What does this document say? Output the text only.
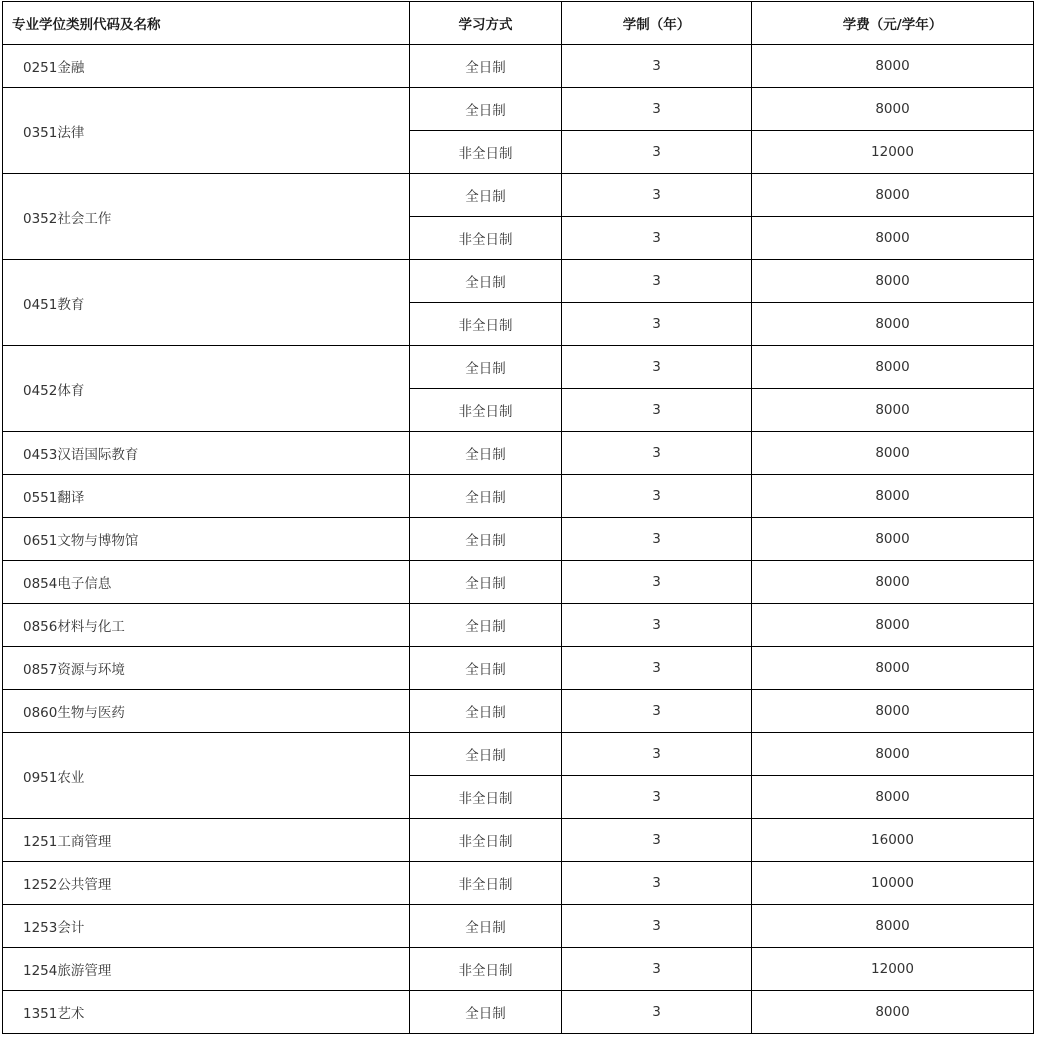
专业学位类别代码及名称	学习方式	学制（年）	学费（元/学年）
0251金融	全日制	3	8000
0351法律	全日制	3	8000
	非全日制	3	12000
0352社会工作	全日制	3	8000
	非全日制	3	8000
0451教育	全日制	3	8000
	非全日制	3	8000
0452体育	全日制	3	8000
	非全日制	3	8000
0453汉语国际教育	全日制	3	8000
0551翻译	全日制	3	8000
0651文物与博物馆	全日制	3	8000
0854电子信息	全日制	3	8000
0856材料与化工	全日制	3	8000
0857资源与环境	全日制	3	8000
0860生物与医药	全日制	3	8000
0951农业	全日制	3	8000
	非全日制	3	8000
1251工商管理	非全日制	3	16000
1252公共管理	非全日制	3	10000
1253会计	全日制	3	8000
1254旅游管理	非全日制	3	12000
1351艺术	全日制	3	8000
